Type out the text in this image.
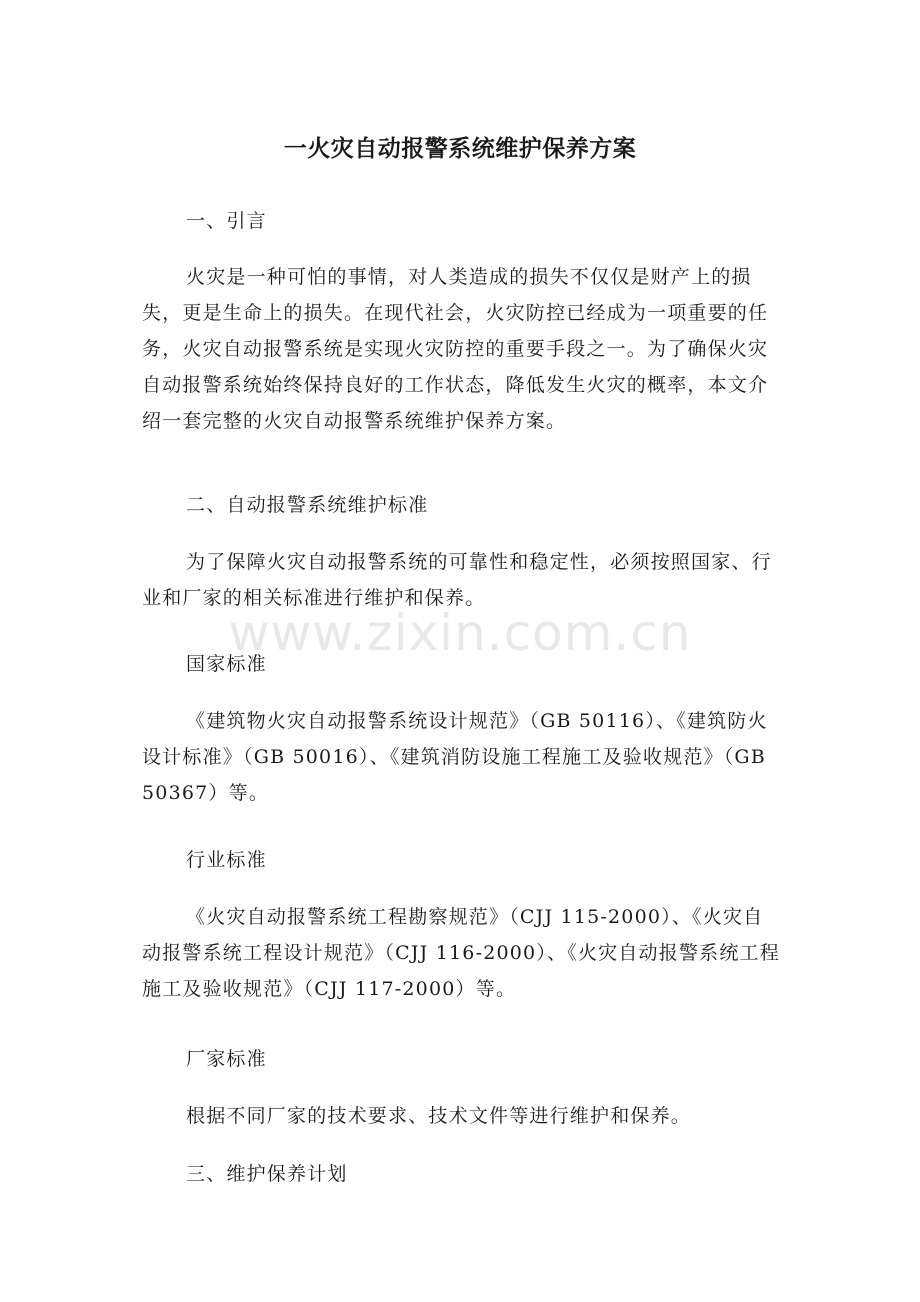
一火灾自动报警系统维护保养方案
一、引言

火灾是一种可怕的事情，对人类造成的损失不仅仅是财产上的损失，更是生命上的损失。在现代社会，火灾防控已经成为一项重要的任务，火灾自动报警系统是实现火灾防控的重要手段之一。为了确保火灾自动报警系统始终保持良好的工作状态，降低发生火灾的概率，本文介绍一套完整的火灾自动报警系统维护保养方案。

二、自动报警系统维护标准

为了保障火灾自动报警系统的可靠性和稳定性，必须按照国家、行业和厂家的相关标准进行维护和保养。

国家标准

《建筑物火灾自动报警系统设计规范》（GB 50116）、《建筑防火设计标准》（GB 50016）、《建筑消防设施工程施工及验收规范》（GB 50367）等。

行业标准

《火灾自动报警系统工程勘察规范》（CJJ 115-2000）、《火灾自动报警系统工程设计规范》（CJJ 116-2000）、《火灾自动报警系统工程施工及验收规范》（CJJ 117-2000）等。

厂家标准

根据不同厂家的技术要求、技术文件等进行维护和保养。

三、维护保养计划
www.zixin.com.cn
